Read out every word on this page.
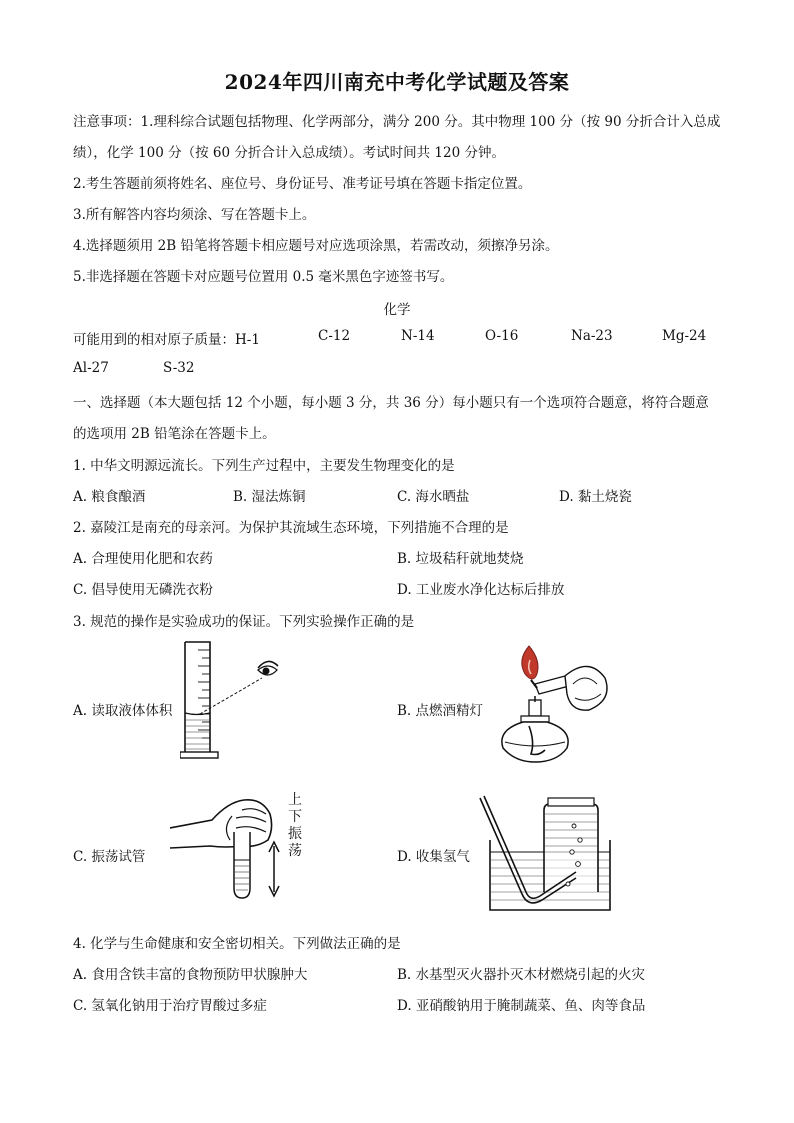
2024年四川南充中考化学试题及答案
注意事项：1.理科综合试题包括物理、化学两部分，满分 200 分。其中物理 100 分（按 90 分折合计入总成
绩），化学 100 分（按 60 分折合计入总成绩）。考试时间共 120 分钟。
2.考生答题前须将姓名、座位号、身份证号、准考证号填在答题卡指定位置。
3.所有解答内容均须涂、写在答题卡上。
4.选择题须用 2B 铅笔将答题卡相应题号对应选项涂黑，若需改动，须擦净另涂。
5.非选择题在答题卡对应题号位置用 0.5 毫米黑色字迹签书写。
化学
可能用到的相对原子质量：H-1	C-12	N-14	O-16	Na-23	Mg-24
Al-27	S-32
一、选择题（本大题包括 12 个小题，每小题 3 分，共 36 分）每小题只有一个选项符合题意，将符合题意
的选项用 2B 铅笔涂在答题卡上。
1. 中华文明源远流长。下列生产过程中，主要发生物理变化的是
A. 粮食酿酒	B. 湿法炼铜	C. 海水晒盐	D. 黏土烧瓷
2. 嘉陵江是南充的母亲河。为保护其流域生态环境，下列措施不合理的是
A. 合理使用化肥和农药	B. 垃圾秸秆就地焚烧
C. 倡导使用无磷洗衣粉	D. 工业废水净化达标后排放
3. 规范的操作是实验成功的保证。下列实验操作正确的是
A. 读取液体体积	B. 点燃酒精灯
C. 振荡试管
上下振荡	D. 收集氢气
4. 化学与生命健康和安全密切相关。下列做法正确的是
A. 食用含铁丰富的食物预防甲状腺肿大	B. 水基型灭火器扑灭木材燃烧引起的火灾
C. 氢氧化钠用于治疗胃酸过多症	D. 亚硝酸钠用于腌制蔬菜、鱼、肉等食品
